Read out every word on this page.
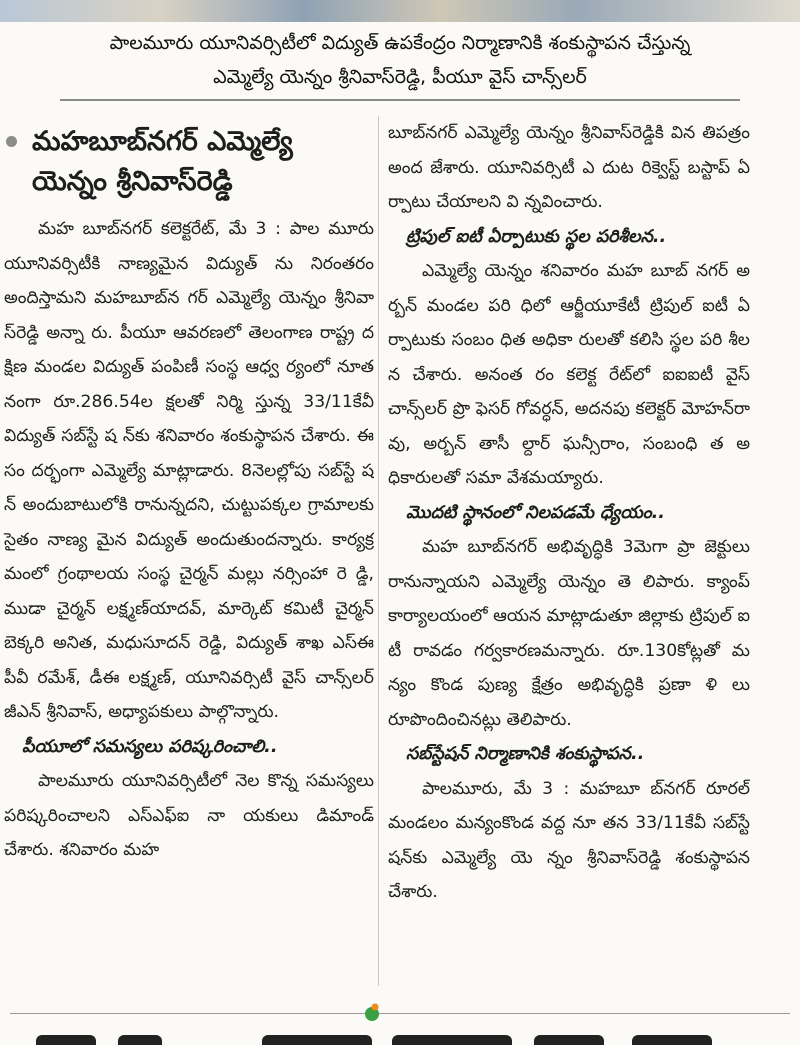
పాలమూరు యూనివర్సిటీలో విద్యుత్ ఉపకేంద్రం నిర్మాణానికి శంకుస్థాపన చేస్తున్న
ఎమ్మెల్యే యెన్నం శ్రీనివాస్‌రెడ్డి, పీయూ వైస్ చాన్స్‌లర్
మహబూబ్‌నగర్ ఎమ్మెల్యే
యెన్నం శ్రీనివాస్‌రెడ్డి

మహ బూబ్‌నగర్ కలెక్టరేట్, మే 3 : పాల మూరు యూనివర్సిటీకి నాణ్యమైన విద్యుత్ ను నిరంతరం అందిస్తామని మహబూబ్‌న గర్ ఎమ్మెల్యే యెన్నం శ్రీనివా స్‌రెడ్డి అన్నా రు. పీయూ ఆవరణలో తెలంగాణ రాష్ట్ర ద క్షిణ మండల విద్యుత్ పంపిణీ సంస్థ ఆధ్వ ర్యంలో నూతనంగా రూ.286.54ల క్షలతో నిర్మి స్తున్న 33/11కేవీ విద్యుత్ సబ్‌స్టే ష న్‌కు శనివారం శంకుస్థాపన చేశారు. ఈ సం దర్భంగా ఎమ్మెల్యే మాట్లాడారు. 8నెలల్లోపు సబ్‌స్టే షన్ అందుబాటులోకి రానున్నదని, చుట్టుపక్కల గ్రామాలకు సైతం నాణ్య మైన విద్యుత్ అందుతుందన్నారు. కార్యక్రమంలో గ్రంథాలయ సంస్థ చైర్మన్ మల్లు నర్సింహా రె డ్డి, ముడా చైర్మన్ లక్ష్మణ్‌యాదవ్, మార్కెట్ కమిటీ చైర్మన్ బెక్కరి అనిత, మధుసూదన్ రెడ్డి, విద్యుత్ శాఖ ఎస్ఈ పీవీ రమేశ్, డీఈ లక్ష్మణ్, యూనివర్సిటీ వైస్ చాన్స్‌లర్ జీఎన్ శ్రీనివాస్, అధ్యాపకులు పాల్గొన్నారు.

పీయూలో సమస్యలు పరిష్కరించాలి..

పాలమూరు యూనివర్సిటీలో నెల కొన్న సమస్యలు పరిష్కరించాలని ఎస్ఎఫ్ఐ నా యకులు డిమాండ్ చేశారు. శనివారం మహ

బూబ్‌నగర్ ఎమ్మెల్యే యెన్నం శ్రీనివాస్‌రెడ్డికి విన తిపత్రం అంద జేశారు. యూనివర్సిటీ ఎ దుట రిక్వెస్ట్ బస్టాప్ ఏర్పాటు చేయాలని వి న్నవించారు.

ట్రిపుల్ ఐటీ ఏర్పాటుకు స్థల పరిశీలన..

ఎమ్మెల్యే యెన్నం శనివారం మహ బూబ్ నగర్ అర్బన్ మండల పరి ధిలో ఆర్జీయూకేటీ ట్రిపుల్ ఐటీ ఏర్పాటుకు సంబం ధిత అధికా రులతో కలిసి స్థల పరి శీలన చేశారు. అనంత రం కలెక్ట రేట్‌లో ఐఐఐటీ వైస్ చాన్స్‌లర్ ప్రొ ఫెసర్ గోవర్ధన్, అదనపు కలెక్టర్ మోహన్‌రా వు, అర్బన్ తాసీ ల్దార్ ఘన్సీరాం, సంబంధి త అధికారులతో సమా వేశమయ్యారు.

మొదటి స్థానంలో నిలపడమే ధ్యేయం..

మహ బూబ్‌నగర్ అభివృద్ధికి 3మెగా ప్రా జెక్టులు రానున్నాయని ఎమ్మెల్యే యెన్నం తె లిపారు. క్యాంప్ కార్యాలయంలో ఆయన మాట్లాడుతూ జిల్లాకు ట్రిపుల్ ఐటీ రావడం గర్వకారణమన్నారు. రూ.130కోట్లతో మ న్యం కొండ పుణ్య క్షేత్రం అభివృద్ధికి ప్రణా ళి లు రూపొందించినట్లు తెలిపారు.

సబ్‌స్టేషన్ నిర్మాణానికి శంకుస్థాపన..

పాలమూరు, మే 3 : మహబూ బ్‌నగర్ రూరల్ మండలం మన్యంకొండ వద్ద నూ తన 33/11కేవీ సబ్‌స్టే షన్‌కు ఎమ్మెల్యే యె న్నం శ్రీనివాస్‌రెడ్డి శంకుస్థాపన చేశారు.
